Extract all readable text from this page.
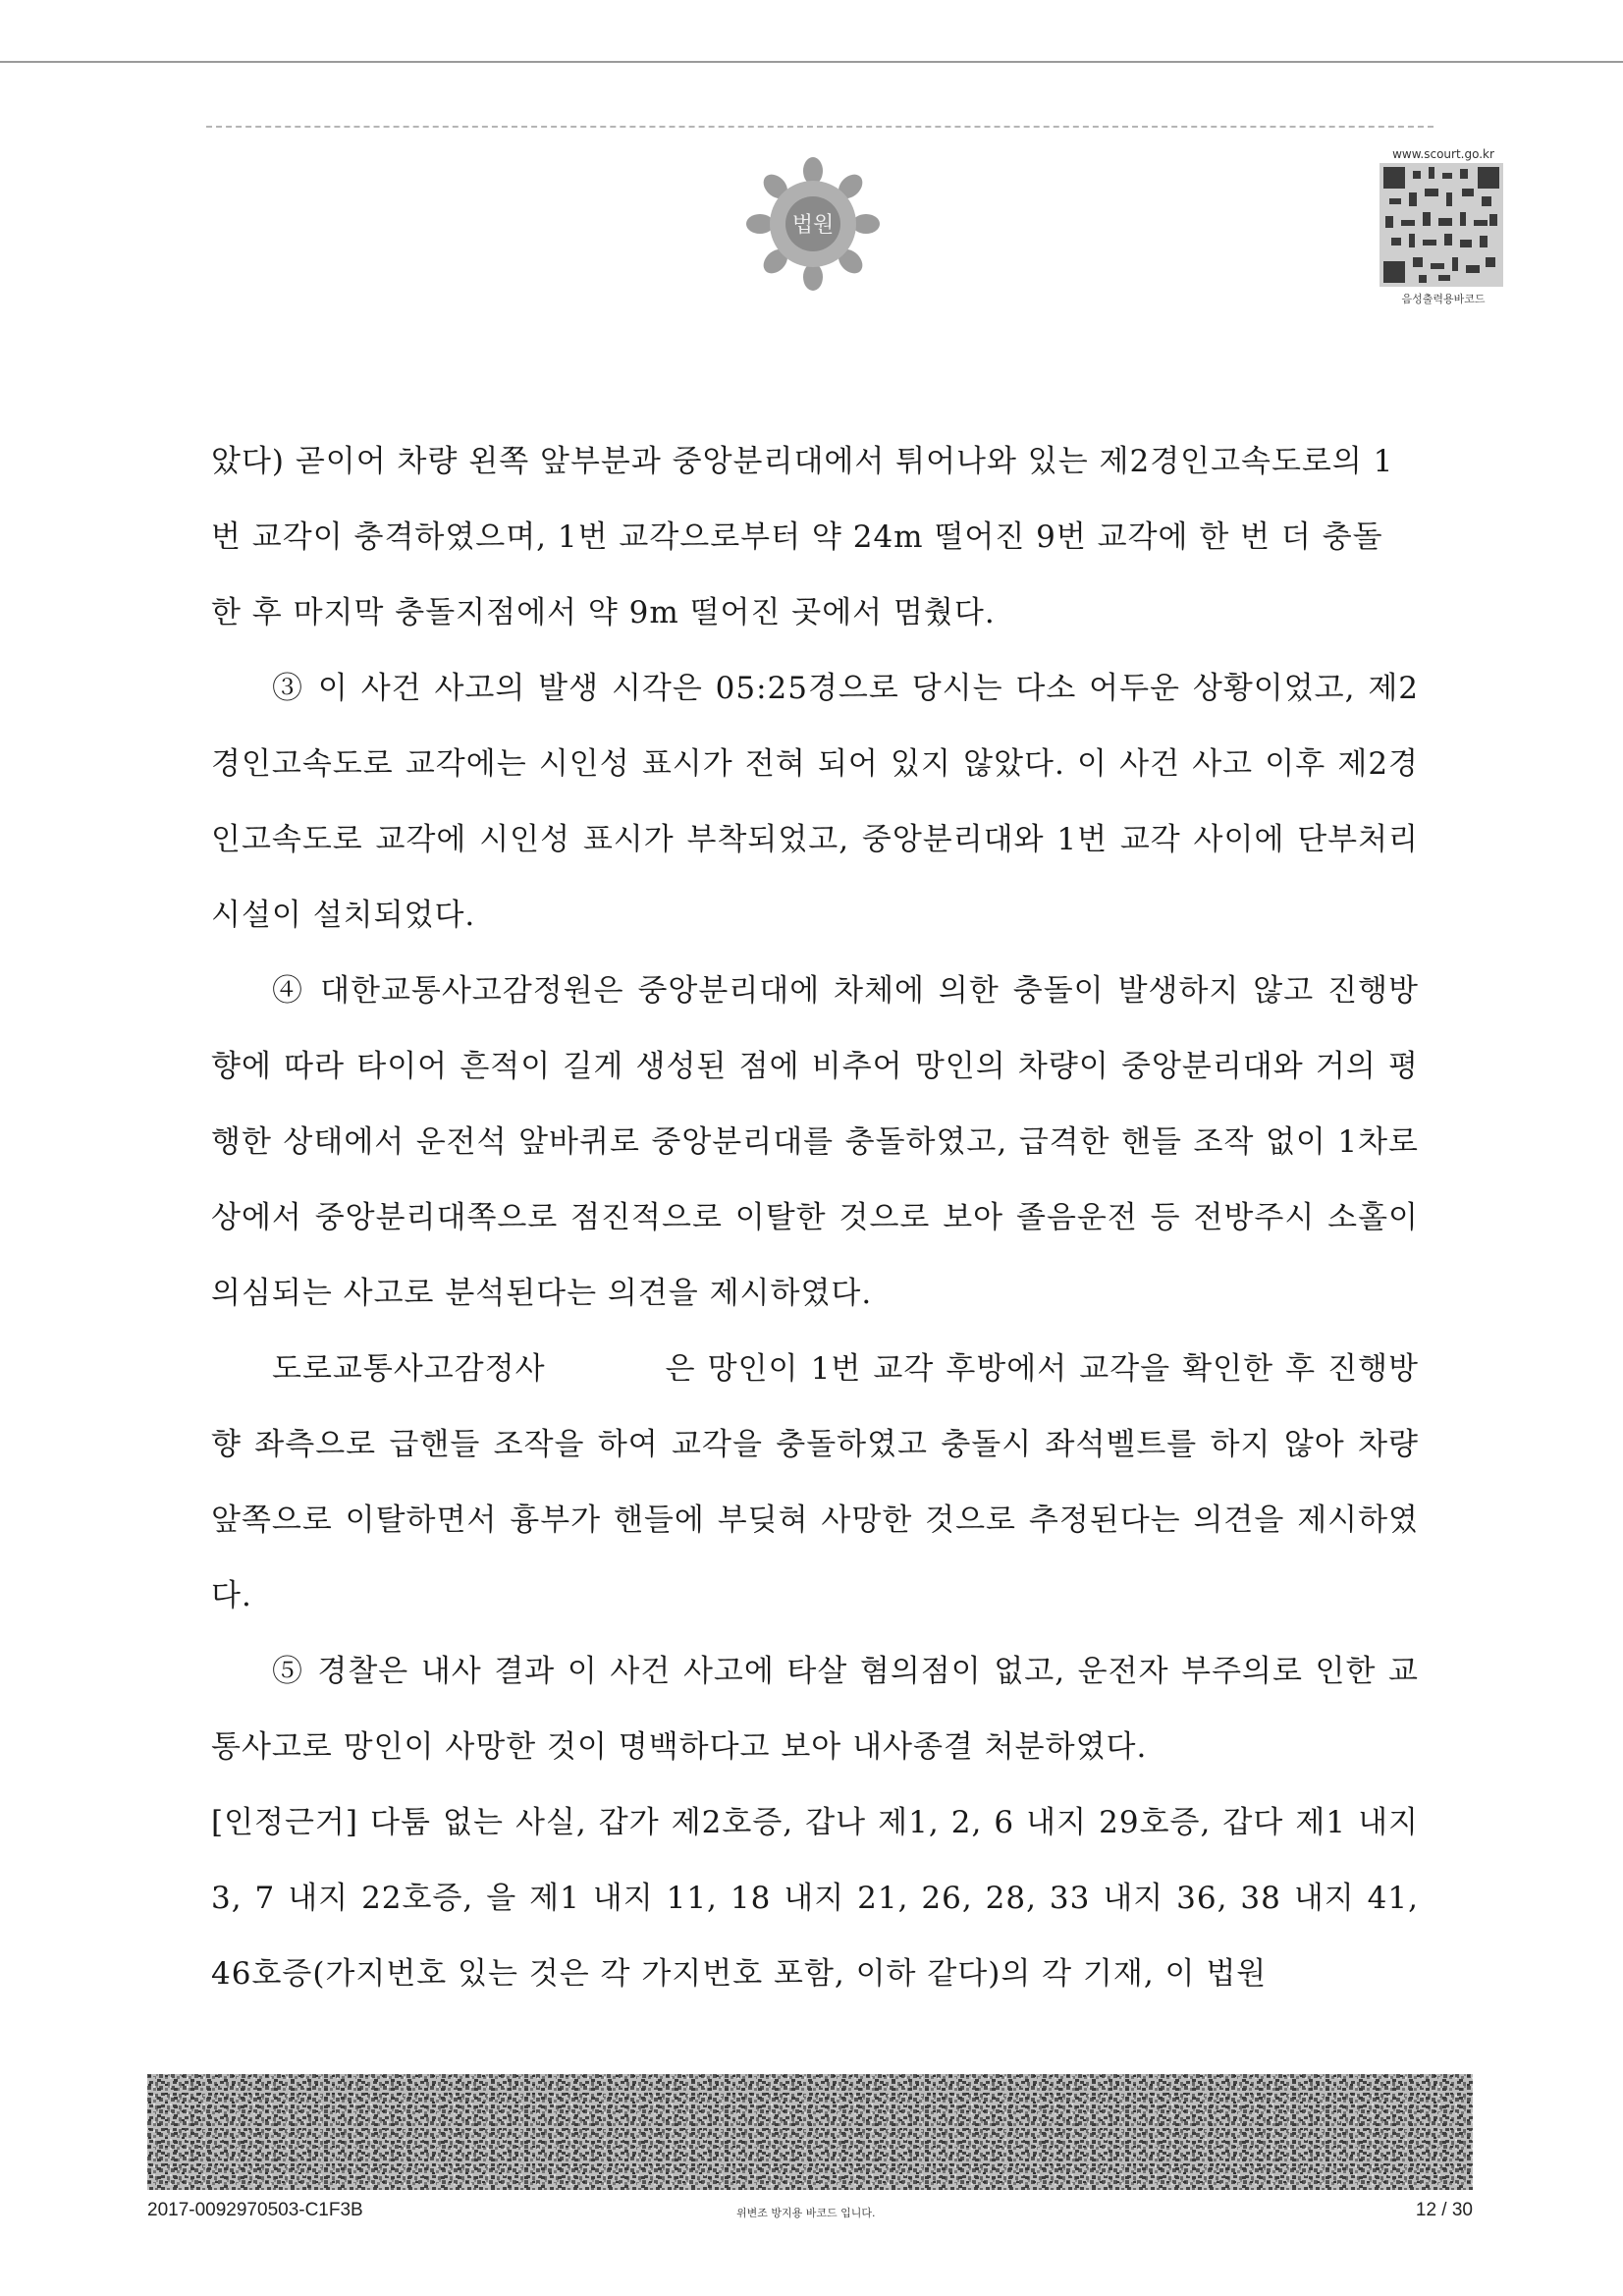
법원
www.scourt.go.kr
음성출력용바코드

았다) 곧이어 차량 왼쪽 앞부분과 중앙분리대에서 튀어나와 있는 제2경인고속도로의 1
번 교각이 충격하였으며, 1번 교각으로부터 약 24m 떨어진 9번 교각에 한 번 더 충돌
한 후 마지막 충돌지점에서 약 9m 떨어진 곳에서 멈췄다.

③ 이 사건 사고의 발생 시각은 05:25경으로 당시는 다소 어두운 상황이었고, 제2경인고속도로 교각에는 시인성 표시가 전혀 되어 있지 않았다. 이 사건 사고 이후 제2경인고속도로 교각에 시인성 표시가 부착되었고, 중앙분리대와 1번 교각 사이에 단부처리시설이 설치되었다.

④ 대한교통사고감정원은 중앙분리대에 차체에 의한 충돌이 발생하지 않고 진행방향에 따라 타이어 흔적이 길게 생성된 점에 비추어 망인의 차량이 중앙분리대와 거의 평행한 상태에서 운전석 앞바퀴로 중앙분리대를 충돌하였고, 급격한 핸들 조작 없이 1차로 상에서 중앙분리대쪽으로 점진적으로 이탈한 것으로 보아 졸음운전 등 전방주시 소홀이 의심되는 사고로 분석된다는 의견을 제시하였다.

도로교통사고감정사	은 망인이 1번 교각 후방에서 교각을 확인한 후 진행방향 좌측으로 급핸들 조작을 하여 교각을 충돌하였고 충돌시 좌석벨트를 하지 않아 차량 앞쪽으로 이탈하면서 흉부가 핸들에 부딪혀 사망한 것으로 추정된다는 의견을 제시하였다.

⑤ 경찰은 내사 결과 이 사건 사고에 타살 혐의점이 없고, 운전자 부주의로 인한 교통사고로 망인이 사망한 것이 명백하다고 보아 내사종결 처분하였다.

[인정근거] 다툼 없는 사실, 갑가 제2호증, 갑나 제1, 2, 6 내지 29호증, 갑다 제1 내지 3, 7 내지 22호증, 을 제1 내지 11, 18 내지 21, 26, 28, 33 내지 36, 38 내지 41, 46호증(가지번호 있는 것은 각 가지번호 포함, 이하 같다)의 각 기재, 이 법원

2017-0092970503-C1F3B	위변조 방지용 바코드 입니다.	12 / 30
